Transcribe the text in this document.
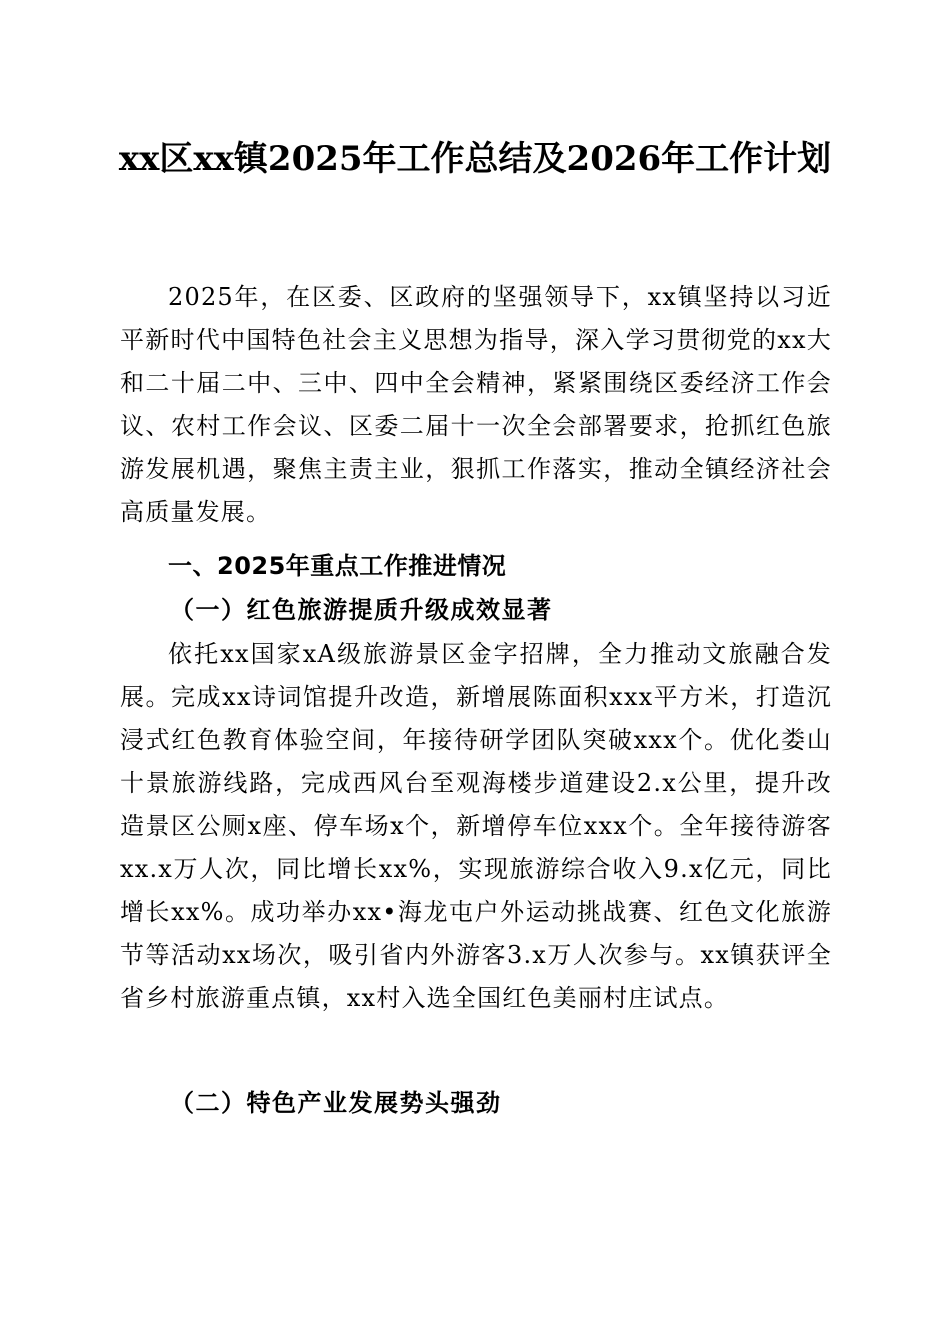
xx区xx镇2025年工作总结及2026年工作计划

2025年，在区委、区政府的坚强领导下，xx镇坚持以习近平新时代中国特色社会主义思想为指导，深入学习贯彻党的xx大和二十届二中、三中、四中全会精神，紧紧围绕区委经济工作会议、农村工作会议、区委二届十一次全会部署要求，抢抓红色旅游发展机遇，聚焦主责主业，狠抓工作落实，推动全镇经济社会高质量发展。

一、2025年重点工作推进情况
（一）红色旅游提质升级成效显著

依托xx国家xA级旅游景区金字招牌，全力推动文旅融合发展。完成xx诗词馆提升改造，新增展陈面积xxx平方米，打造沉浸式红色教育体验空间，年接待研学团队突破xxx个。优化娄山十景旅游线路，完成西风台至观海楼步道建设2.x公里，提升改造景区公厕x座、停车场x个，新增停车位xxx个。全年接待游客xx.x万人次，同比增长xx%，实现旅游综合收入9.x亿元，同比增长xx%。成功举办xx•海龙屯户外运动挑战赛、红色文化旅游节等活动xx场次，吸引省内外游客3.x万人次参与。xx镇获评全省乡村旅游重点镇，xx村入选全国红色美丽村庄试点。

（二）特色产业发展势头强劲
